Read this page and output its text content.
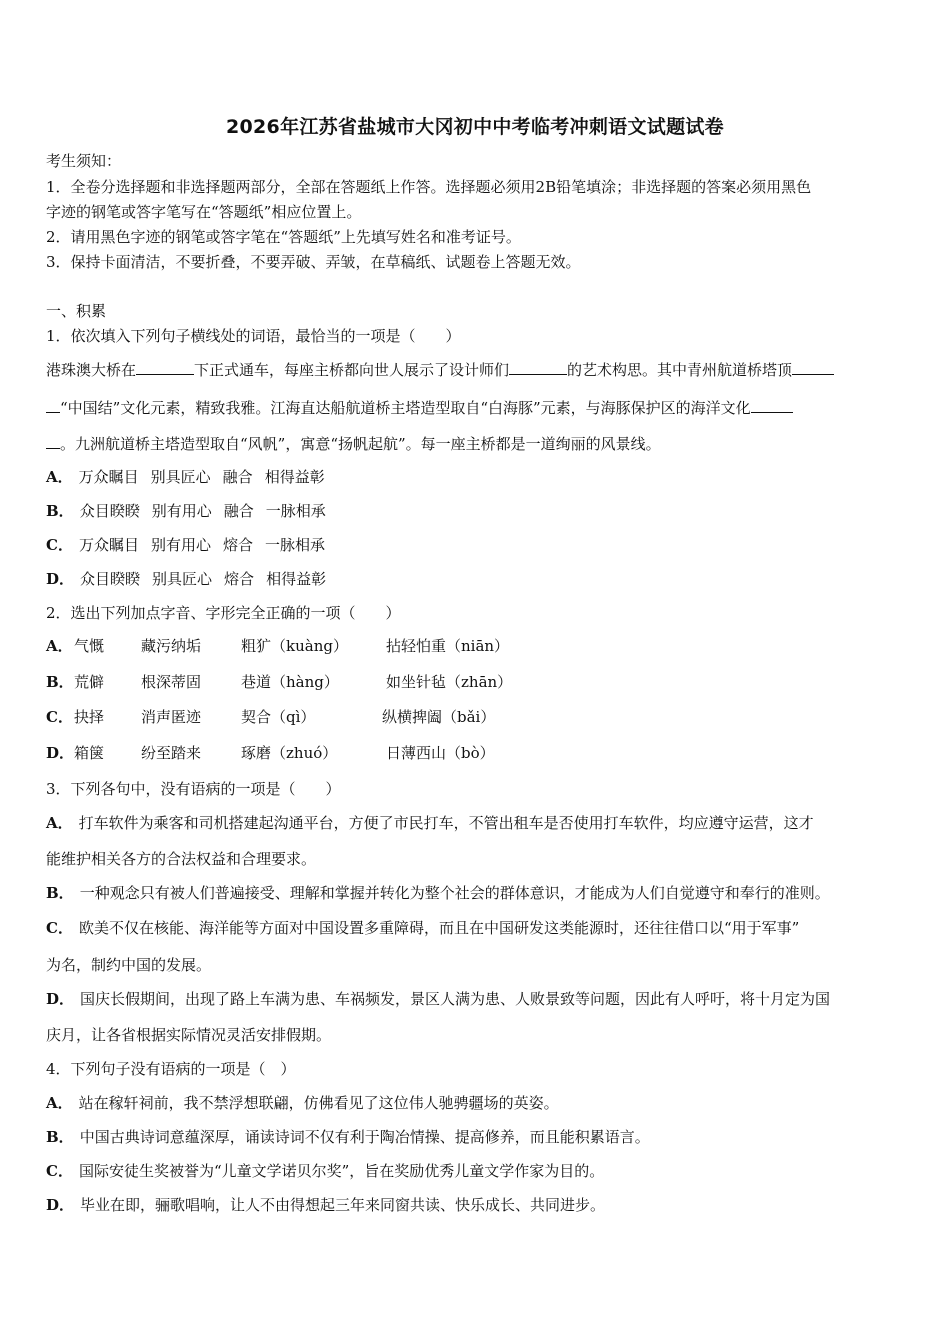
2026年江苏省盐城市大冈初中中考临考冲刺语文试题试卷
考生须知：
1．全卷分选择题和非选择题两部分，全部在答题纸上作答。选择题必须用2B铅笔填涂；非选择题的答案必须用黑色
字迹的钢笔或答字笔写在“答题纸”相应位置上。
2．请用黑色字迹的钢笔或答字笔在“答题纸”上先填写姓名和准考证号。
3．保持卡面清洁，不要折叠，不要弄破、弄皱，在草稿纸、试题卷上答题无效。
一、积累
1．依次填入下列句子横线处的词语，最恰当的一项是（　　）
港珠澳大桥在	下正式通车，每座主桥都向世人展示了设计师们	的艺术构思。其中青州航道桥塔顶
“中国结”文化元素，精致我雅。江海直达船航道桥主塔造型取自“白海豚”元素，与海豚保护区的海洋文化
。九洲航道桥主塔造型取自“风帆”，寓意“扬帆起航”。每一座主桥都是一道绚丽的风景线。
A． 万众瞩目 别具匠心 融合 相得益彰
B． 众目睽睽 别有用心 融合 一脉相承
C． 万众瞩目 别有用心 熔合 一脉相承
D． 众目睽睽 别具匠心 熔合 相得益彰
2．选出下列加点字音、字形完全正确的一项（　　）
A． 气慨 藏污纳垢	粗犷（kuàng）	拈轻怕重（niān）
B． 荒僻 根深蒂固	巷道（hàng）	如坐针毡（zhān）
C． 抉择 消声匿迹	契合（qì）	纵横捭阖（bǎi）
D． 箱箧 纷至踏来	琢磨（zhuó）	日薄西山（bò）
3．下列各句中，没有语病的一项是（　　）
A． 打车软件为乘客和司机搭建起沟通平台，方便了市民打车，不管出租车是否使用打车软件，均应遵守运营，这才
能维护相关各方的合法权益和合理要求。
B． 一种观念只有被人们普遍接受、理解和掌握并转化为整个社会的群体意识，才能成为人们自觉遵守和奉行的准则。
C． 欧美不仅在核能、海洋能等方面对中国设置多重障碍，而且在中国研发这类能源时，还往往借口以“用于军事”
为名，制约中国的发展。
D． 国庆长假期间，出现了路上车满为患、车祸频发，景区人满为患、人败景致等问题，因此有人呼吁，将十月定为国
庆月，让各省根据实际情况灵活安排假期。
4．下列句子没有语病的一项是（　）
A． 站在稼轩祠前，我不禁浮想联翩，仿佛看见了这位伟人驰骋疆场的英姿。
B． 中国古典诗词意蕴深厚，诵读诗词不仅有利于陶冶情操、提高修养，而且能积累语言。
C． 国际安徒生奖被誉为“儿童文学诺贝尔奖”，旨在奖励优秀儿童文学作家为目的。
D． 毕业在即，骊歌唱响，让人不由得想起三年来同窗共读、快乐成长、共同进步。
